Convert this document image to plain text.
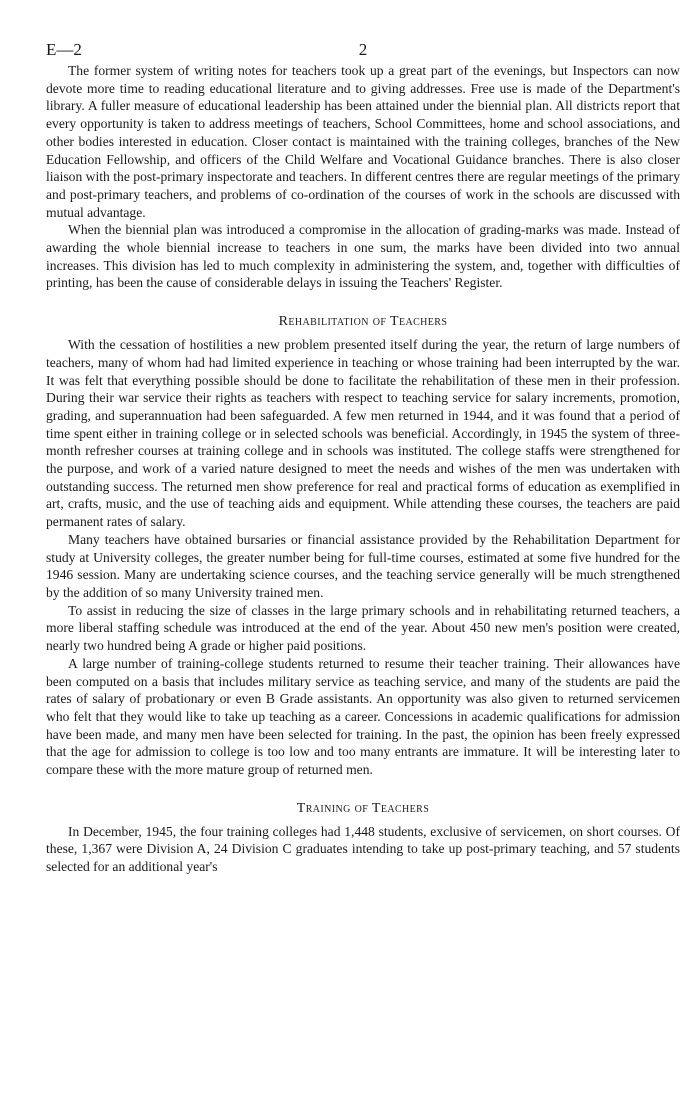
E—2	2

The former system of writing notes for teachers took up a great part of the evenings, but Inspectors can now devote more time to reading educational literature and to giving addresses. Free use is made of the Department's library. A fuller measure of educational leadership has been attained under the biennial plan. All districts report that every opportunity is taken to address meetings of teachers, School Committees, home and school associations, and other bodies interested in education. Closer contact is maintained with the training colleges, branches of the New Education Fellowship, and officers of the Child Welfare and Vocational Guidance branches. There is also closer liaison with the post-primary inspectorate and teachers. In different centres there are regular meetings of the primary and post-primary teachers, and problems of co-ordination of the courses of work in the schools are discussed with mutual advantage.

When the biennial plan was introduced a compromise in the allocation of grading-marks was made. Instead of awarding the whole biennial increase to teachers in one sum, the marks have been divided into two annual increases. This division has led to much complexity in administering the system, and, together with difficulties of printing, has been the cause of considerable delays in issuing the Teachers' Register.

Rehabilitation of Teachers

With the cessation of hostilities a new problem presented itself during the year, the return of large numbers of teachers, many of whom had had limited experience in teaching or whose training had been interrupted by the war. It was felt that everything possible should be done to facilitate the rehabilitation of these men in their profession. During their war service their rights as teachers with respect to teaching service for salary increments, promotion, grading, and superannuation had been safeguarded. A few men returned in 1944, and it was found that a period of time spent either in training college or in selected schools was beneficial. Accordingly, in 1945 the system of three-month refresher courses at training college and in schools was instituted. The college staffs were strengthened for the purpose, and work of a varied nature designed to meet the needs and wishes of the men was undertaken with outstanding success. The returned men show preference for real and practical forms of education as exemplified in art, crafts, music, and the use of teaching aids and equipment. While attending these courses, the teachers are paid permanent rates of salary.

Many teachers have obtained bursaries or financial assistance provided by the Rehabilitation Department for study at University colleges, the greater number being for full-time courses, estimated at some five hundred for the 1946 session. Many are undertaking science courses, and the teaching service generally will be much strengthened by the addition of so many University trained men.

To assist in reducing the size of classes in the large primary schools and in rehabilitating returned teachers, a more liberal staffing schedule was introduced at the end of the year. About 450 new men's position were created, nearly two hundred being A grade or higher paid positions.

A large number of training-college students returned to resume their teacher training. Their allowances have been computed on a basis that includes military service as teaching service, and many of the students are paid the rates of salary of probationary or even B Grade assistants. An opportunity was also given to returned servicemen who felt that they would like to take up teaching as a career. Concessions in academic qualifications for admission have been made, and many men have been selected for training. In the past, the opinion has been freely expressed that the age for admission to college is too low and too many entrants are immature. It will be interesting later to compare these with the more mature group of returned men.

Training of Teachers

In December, 1945, the four training colleges had 1,448 students, exclusive of servicemen, on short courses. Of these, 1,367 were Division A, 24 Division C graduates intending to take up post-primary teaching, and 57 students selected for an additional year's
